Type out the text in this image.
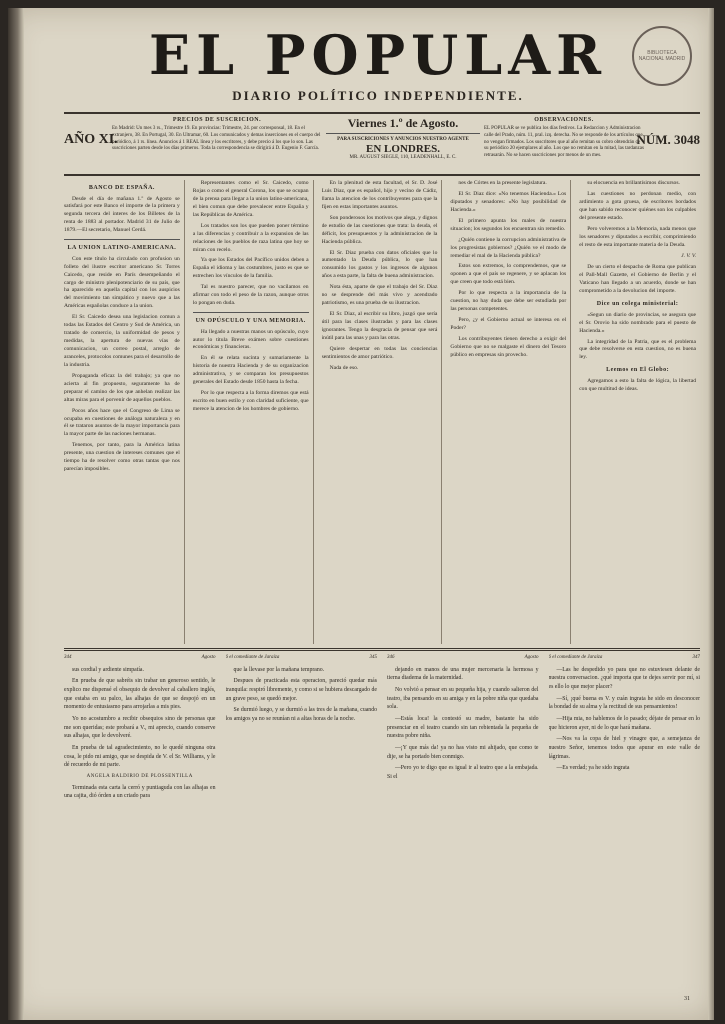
BIBLIOTECA NACIONAL MADRID
EL POPULAR
DIARIO POLÍTICO INDEPENDIENTE.
AÑO XI.
PRECIOS DE SUSCRICION.
En Madrid: Un mes 3 rs., Trimestre 19. En provincias: Trimestre, 24. por corresponsal, 18. En el extranjero, 38. En Portugal, 30. En Ultramar, 60. Los comunicados y demas inserciones en el cuerpo del periódico, á 1 rs. línea. Anuncios á 1 REAL línea y los escritores, y debe precio á los que lo son. Las suscriciones parten desde los días primeros. Toda la correspondencia se dirigirá á D. Eugenio F. García.
Viernes 1.º de Agosto.
PARA SUSCRICIONES Y ANUNCIOS NUESTRO AGENTE
EN LONDRES.
MR. AUGUST SIEGLE, 110, LEADENHALL, E. C.
OBSERVACIONES.
EL POPULAR se ve publica los días festivos. La Redaccion y Administracion calle del Prado, núm. 11, pral. izq. derecha. No se responde de los artículos que no vengan firmados. Los suscritores que al año remitan su cobro obtendrán de su periódico 20 ejemplares al año. Los que no remitan en la mitad, las tardanzas retrasarán. No se hacen suscriciones por menos de un mes.
NÚM. 3048
BANCO DE ESPAÑA.

Desde el día de mañana 1.º de Agosto se satisfará por este Banco el importe de la primera y segunda tercera del interes de los Billetes de la renta de 1883 al portador. Madrid 31 de Julio de 1879.—El secretario, Manuel Cerdá.

LA UNION LATINO-AMERICANA.

Con este título ha circulado con profusion un folleto del ilustre escritor americano Sr. Torres Caicedo, que reside en París desempeñando el cargo de ministro plenipotenciario de su país, que ha aparecido en aquella capital con los auspicios del movimiento tan simpático y nuevo que a las Américas españolas conduce a la union.

El Sr. Caicedo desea una legislacion comun a todas las Estados del Centro y Sud de América, un tratado de comercio, la uniformidad de pesos y medidas, la apertura de nuevas vías de comunicacion, un correo postal, arreglo de aranceles, protocolos comunes para el desarrollo de la industria.

Propaganda eficaz la del trabajo; ya que no acierta al fin propuesto, seguramente ha de preparar el camino de los que anhelan realizar las altas miras para el porvenir de aquellos pueblos.

Pocos años hace que el Congreso de Lima se ocupaba en cuestiones de análoga naturaleza y en él se trataron asuntos de la mayor importancia para la mayor parte de las naciones hermanas.

Tenemos, por tanto, para la América latina presente, una cuestion de intereses comunes que el tiempo ha de resolver como otras tantas que nos parecían imposibles.

Representantes como el Sr. Caicedo, como Rojas o como el general Corona, los que se ocupan de la prensa para llegar a la union latino-americana, el bien comun que debe prevalecer entre España y las Repúblicas de América.

Los tratados son los que pueden poner término a las diferencias y contribuir a la expansion de las relaciones de los pueblos de raza latina que hoy se miran con recelo.

Ya que los Estados del Pacífico unidos deben a España el idioma y las costumbres, justo es que se estrechen los vínculos de la familia.

Tal es nuestro parecer, que no vacilamos en afirmar con todo el peso de la razon, aunque otros lo pongan en duda.

UN OPÚSCULO Y UNA MEMORIA.

Ha llegado a nuestras manos un opúsculo, cuyo autor lo titula Breve exámen sobre cuestiones económicas y financieras.

En él se relata sucinta y sumariamente la historia de nuestra Hacienda y de su organizacion administrativa, y se comparan los presupuestos generales del Estado desde 1850 hasta la fecha.

Por lo que respecta a la forma diremos que está escrito en buen estilo y con claridad suficiente, que merece la atencion de los hombres de gobierno.

En la plenitud de esta facultad, el Sr. D. José Luis Diaz, que es español, hijo y vecino de Cádiz, llama la atencion de los contribuyentes para que la fijen en estas importantes asuntos.

Son ponderosos los motivos que alega, y dignos de estudio de las cuestiones que trata: la deuda, el déficit, los presupuestos y la administracion de la Hacienda pública.

El Sr. Diaz prueba con datos oficiales que lo aumentado la Deuda pública, lo que han consumido los gastos y los ingresos de algunos años a esta parte, la falta de buena administracion.

Nota ésta, aparte de que el trabajo del Sr. Diaz no se desprende del más vivo y acendrado patriotismo, es una prueba de su ilustracion.

El Sr. Diaz, al escribir su libro, juzgó que sería útil para las clases ilustradas y para las clases ignorantes. Tengo la desgracia de pensar que será inútil para las unas y para las otras.

Quiere despertar en todas las conciencias sentimientos de amor patriótico.

Nada de eso.

nes de Córtes en la presente legislatura.

El Sr. Diaz dice: «No tenemos Hacienda.» Los diputados y senadores: «No hay posibilidad de Hacienda.»

El primero apunta los males de nuestra situacion; los segundos los encuentran sin remedio.

¿Quién contiene la corrupcion administrativa de los progresistas gobiernos? ¿Quién ve el modo de remediar el mal de la Hacienda pública?

Estos son extremos, lo comprendemos, que se oponen a que el país se regenere, y se aplacan los que creen que todo está bien.

Por lo que respecta a la importancia de la cuestion, no hay duda que debe ser estudiada por las personas competentes.

Pero, ¿y el Gobierno actual se interesa en el Poder?

Los contribuyentes tienen derecho a exigir del Gobierno que no se malgaste el dinero del Tesoro público en empresas sin provecho.

su elocuencia en brillantísimos discursos.

Las cuestiones no perdonan medio, con ardimiento a gota gruesa, de escritores bordados que han sabido reconocer quiénes son los culpables del presente estado.

Pero volveremos a la Memoria, nada menos que los senadores y diputados a escribir, comprimiendo el resto de esta importante materia de la Deuda.

J. V. V.

De un cierto el despacho de Roma que publican el Pall-Mall Gazette, el Gobierno de Berlin y el Vaticano han llegado a un acuerdo, donde se han comprometido a la devolucion del importe.

Dice un colega ministerial:

«Segun un diario de provincias, se asegura que el Sr. Orovio ha sido nombrado para el puesto de Hacienda.»

La integridad de la Patria, que es el problema que debe resolverse en esta cuestion, no es buena ley.

Leemos en El Globo:

Agregamos a esto la falta de lógica, la libertad con que multitud de ideas.

344	Agosto

sus cordial y ardiente simpatía.

En prueba de que sabréis sin trabar un generoso sentido, le explico me dispensé el obsequio de devolver al caballero inglés, que estaba en su palco, las alhajas de que se despojó en un momento de entusiasmo para arrojarlas a mis pies.

Yo no acostumbro a recibir obsequios sino de personas que me son queridas; este probará a V., mi aprecio, cuando conserve sus alhajas, que le devolveré.

En prueba de tal agradecimiento, no le quedé ninguna otra cosa, le pido mi amigo, que se despida de V. el Sr. Williams, y le dé recuerdo de mi parte.

ANGELA BALDIRIO DE PLOSSENTILLA

Terminada esta carta la cerró y puntiaguda con las alhajas en una cajita, dió órden a un criado para

6 el comediante de Jaraíza	345

que la llevase por la mañana temprano.

Despues de practicada esta operacion, pareció quedar más tranquila: respiró libremente, y como si se hubiera descargado de un grave peso, se quedó mejor.

Se durmió luego, y se durmió a las tres de la mañana, cuando los amigos ya no se reunían ni a altas horas de la noche.

346	Agosto

dejando en manos de una mujer mercenaria la hermosa y tierna diadema de la maternidad.

No volvió a pensar en su pequeña hija, y cuando salieron del teatro, iba pensando en su amiga y en la pobre niña que quedaba sola.

—Estás loca! la contestó su madre, bastante ha sido presenciar en el teatro cuando sin tan rebientada la pequeña de nuestra pobre niña.

—¡Y que más da! ya no has visto mi ahijado, que como te dije, se ha portado bien conmigo.

—Pero yo te digo que es igual ir al teatro que a la embajada. Si el

6 el comediante de Jaraíza	347

—Las he despedido yo para que no estuviesen delante de nuestra conversacion. ¿qué importa que te dejes servir por mí, si es ello lo que mejor placer?

—Sí, ¡qué buena es V. y cuán ingrata he sido en desconocer la bondad de su alma y la rectitud de sus pensamientos!

—Hija mia, no hablemos de lo pasado; déjate de pensar en lo que hicieron ayer, ni de lo que hará mañana.

—Nos va la copa de hiel y vinagre que, a semejanza de nuestro Señor, tenemos todos que apurar en este valle de lágrimas.

—Es verdad; ya he sido ingrata

31
